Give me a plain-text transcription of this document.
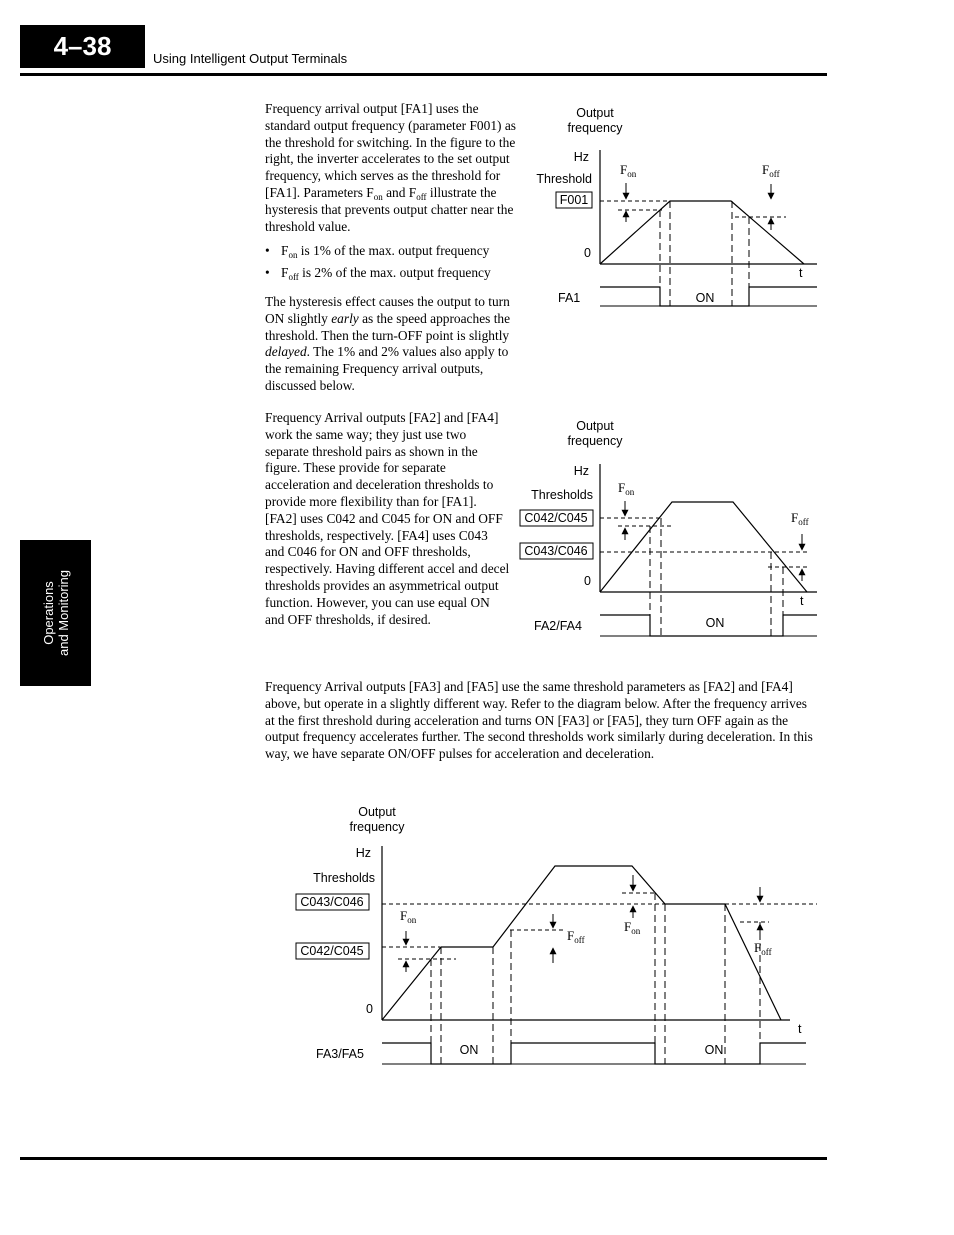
4–38	Using Intelligent Output Terminals
Operations and Monitoring

Frequency arrival output [FA1] uses the standard output frequency (parameter F001) as the threshold for switching. In the figure to the right, the inverter accelerates to the set output frequency, which serves as the threshold for [FA1]. Parameters $F_{on}$ and $F_{off}$ illustrate the hysteresis that prevents output chatter near the threshold value.

• $F_{on}$ is 1% of the max. output frequency
• $F_{off}$ is 2% of the max. output frequency

The hysteresis effect causes the output to turn ON slightly early as the speed approaches the threshold. Then the turn-OFF point is slightly delayed. The 1% and 2% values also apply to the remaining Frequency arrival outputs, discussed below.

Frequency Arrival outputs [FA2] and [FA4] work the same way; they just use two separate threshold pairs as shown in the figure. These provide for separate acceleration and deceleration thresholds to provide more flexibility than for [FA1]. [FA2] uses C042 and C045 for ON and OFF thresholds, respectively. [FA4] uses C043 and C046 for ON and OFF thresholds, respectively. Having different accel and decel thresholds provides an asymmetrical output function. However, you can use equal ON and OFF thresholds, if desired.

Frequency Arrival outputs [FA3] and [FA5] use the same threshold parameters as [FA2] and [FA4] above, but operate in a slightly different way. Refer to the diagram below. After the frequency arrives at the first threshold during acceleration and turns ON [FA3] or [FA5], they turn OFF again as the output frequency accelerates further. The second thresholds work similarly during deceleration. In this way, we have separate ON/OFF pulses for acceleration and deceleration.

Output
frequency
Hz
Threshold
F001
0
t
$F_{on}$	$F_{off}$
FA1	ON
Output
frequency
Hz
Thresholds
C042/C045
C043/C046
0
t
$F_{on}$
$F_{off}$
FA2/FA4	ON
Output
frequency
Hz
Thresholds
C043/C046
C042/C045
0
t
$F_{on}$
$F_{off}$
$F_{on}$
$F_{off}$
FA3/FA5	ON	ON
